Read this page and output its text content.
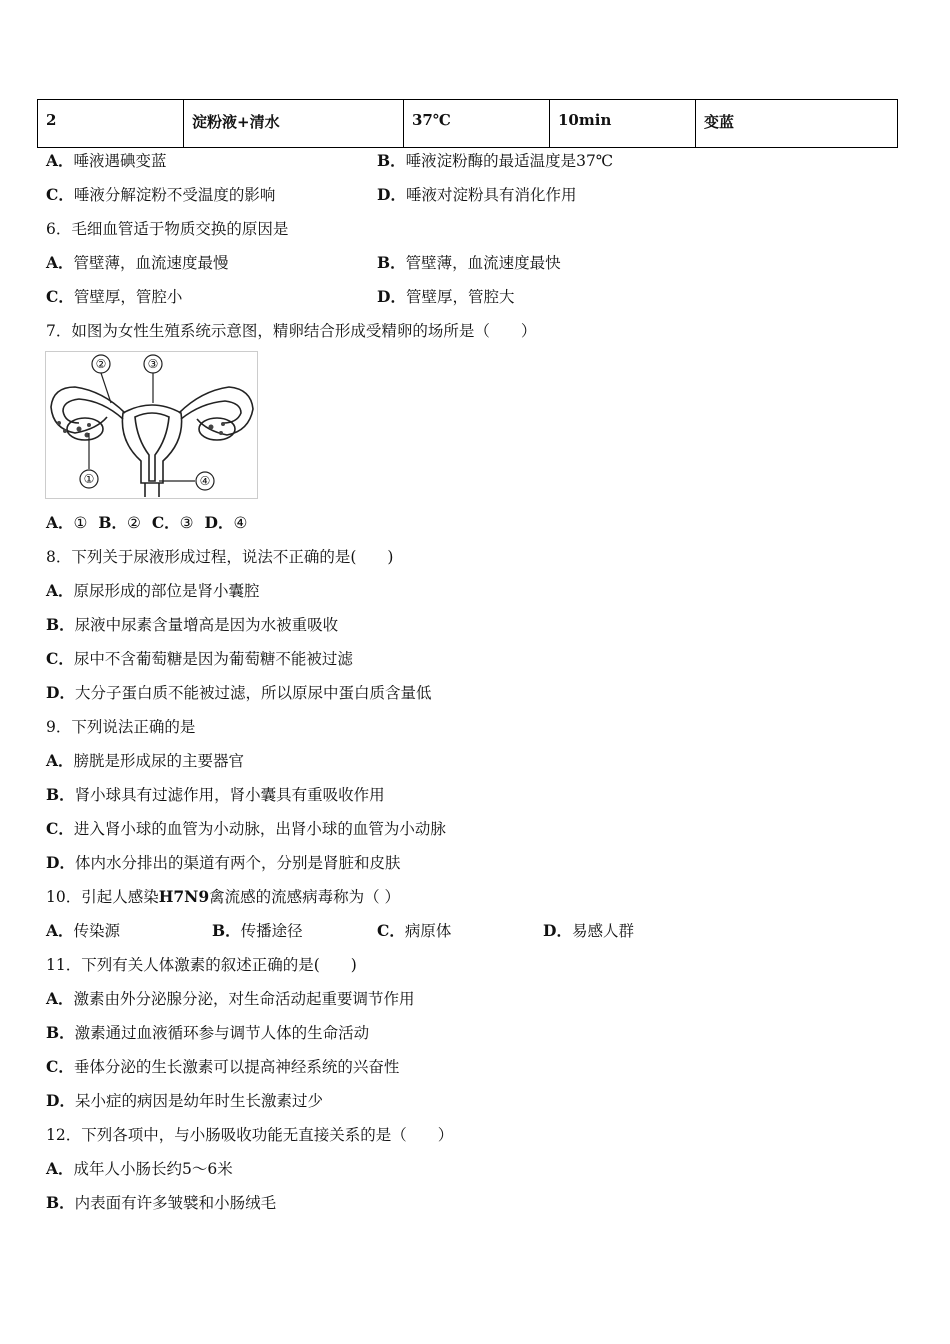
2	淀粉液+清水	37℃	10min	变蓝
A．唾液遇碘变蓝	B．唾液淀粉酶的最适温度是37℃
C．唾液分解淀粉不受温度的影响	D．唾液对淀粉具有消化作用
6．毛细血管适于物质交换的原因是
A．管壁薄，血流速度最慢	B．管壁薄，血流速度最快
C．管壁厚，管腔小	D．管壁厚，管腔大
7．如图为女性生殖系统示意图，精卵结合形成受精卵的场所是（　　）
①
②	③
④
A．① B．② C．③ D．④
8．下列关于尿液形成过程，说法不正确的是(　　)
A．原尿形成的部位是肾小囊腔
B．尿液中尿素含量增高是因为水被重吸收
C．尿中不含葡萄糖是因为葡萄糖不能被过滤
D．大分子蛋白质不能被过滤，所以原尿中蛋白质含量低
9．下列说法正确的是
A．膀胱是形成尿的主要器官
B．肾小球具有过滤作用，肾小囊具有重吸收作用
C．进入肾小球的血管为小动脉，出肾小球的血管为小动脉
D．体内水分排出的渠道有两个，分别是肾脏和皮肤
10．引起人感染H7N9禽流感的流感病毒称为（ ）
A．传染源	B．传播途径	C．病原体	D．易感人群
11．下列有关人体激素的叙述正确的是(　　)
A．激素由外分泌腺分泌，对生命活动起重要调节作用
B．激素通过血液循环参与调节人体的生命活动
C．垂体分泌的生长激素可以提高神经系统的兴奋性
D．呆小症的病因是幼年时生长激素过少
12．下列各项中，与小肠吸收功能无直接关系的是（　　）
A．成年人小肠长约5～6米
B．内表面有许多皱襞和小肠绒毛
